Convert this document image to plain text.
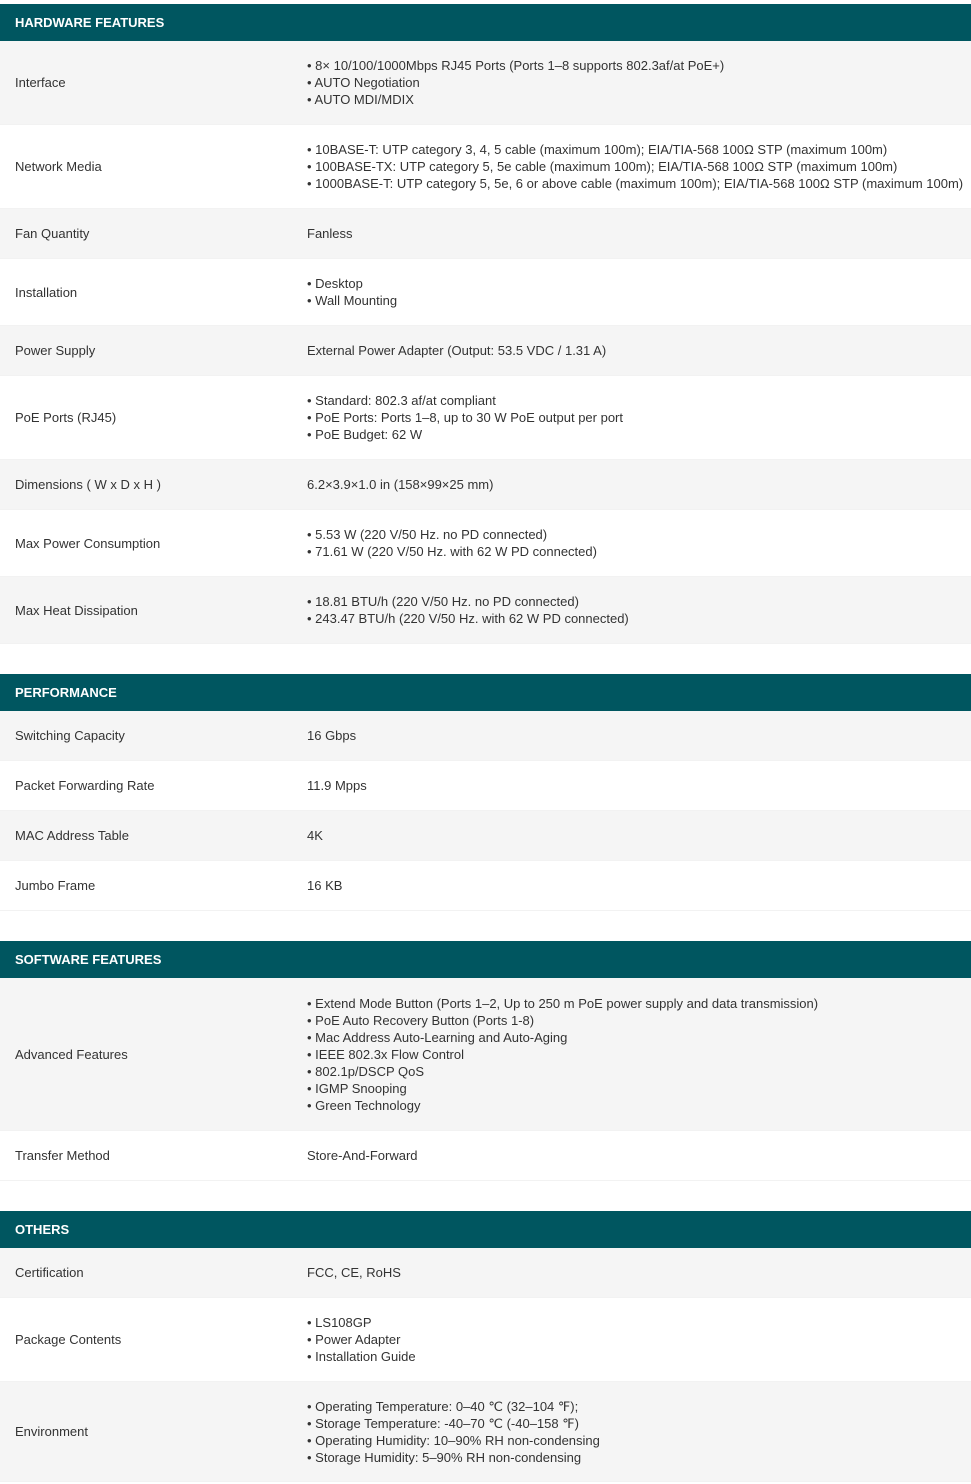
HARDWARE FEATURES
Interface
• 8× 10/100/1000Mbps RJ45 Ports (Ports 1–8 supports 802.3af/at PoE+)
• AUTO Negotiation
• AUTO MDI/MDIX
Network Media
• 10BASE-T: UTP category 3, 4, 5 cable (maximum 100m); EIA/TIA-568 100Ω STP (maximum 100m)
• 100BASE-TX: UTP category 5, 5e cable (maximum 100m); EIA/TIA-568 100Ω STP (maximum 100m)
• 1000BASE-T: UTP category 5, 5e, 6 or above cable (maximum 100m); EIA/TIA-568 100Ω STP (maximum 100m)
Fan Quantity	Fanless
Installation
• Desktop
• Wall Mounting
Power Supply	External Power Adapter (Output: 53.5 VDC / 1.31 A)
PoE Ports (RJ45)
• Standard: 802.3 af/at compliant
• PoE Ports: Ports 1–8, up to 30 W PoE output per port
• PoE Budget: 62 W
Dimensions ( W x D x H )	6.2×3.9×1.0 in (158×99×25 mm)
Max Power Consumption
• 5.53 W (220 V/50 Hz. no PD connected)
• 71.61 W (220 V/50 Hz. with 62 W PD connected)
Max Heat Dissipation
• 18.81 BTU/h (220 V/50 Hz. no PD connected)
• 243.47 BTU/h (220 V/50 Hz. with 62 W PD connected)
PERFORMANCE
Switching Capacity	16 Gbps
Packet Forwarding Rate	11.9 Mpps
MAC Address Table	4K
Jumbo Frame	16 KB
SOFTWARE FEATURES
Advanced Features
• Extend Mode Button (Ports 1–2, Up to 250 m PoE power supply and data transmission)
• PoE Auto Recovery Button (Ports 1-8)
• Mac Address Auto-Learning and Auto-Aging
• IEEE 802.3x Flow Control
• 802.1p/DSCP QoS
• IGMP Snooping
• Green Technology
Transfer Method	Store-And-Forward
OTHERS
Certification	FCC, CE, RoHS
Package Contents
• LS108GP
• Power Adapter
• Installation Guide
Environment
• Operating Temperature: 0–40 ℃ (32–104 ℉);
• Storage Temperature: -40–70 ℃ (-40–158 ℉)
• Operating Humidity: 10–90% RH non-condensing
• Storage Humidity: 5–90% RH non-condensing
